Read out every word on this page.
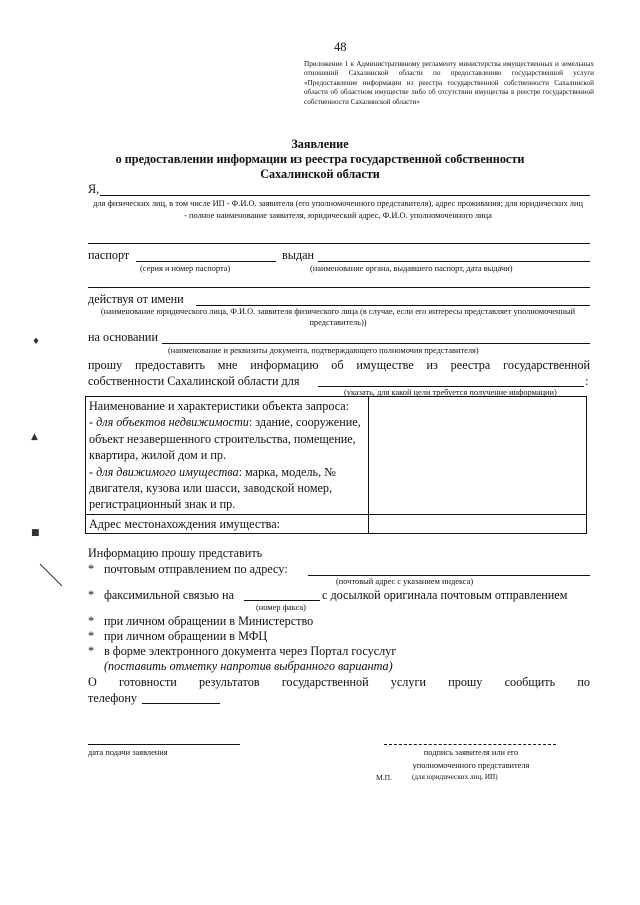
48
Приложение 1 к Административному регламенту министерства имущественных и земельных отношений Сахалинской области по предоставлению государственной услуги «Предоставление информации из реестра государственной собственности Сахалинской области об областном имуществе либо об отсутствии имущества в реестре государственной собственности Сахалинской области»
Заявление
о предоставлении информации из реестра государственной собственности
Сахалинской области
Я,
для физических лиц, в том числе ИП - Ф.И.О. заявителя (его уполномоченного представителя), адрес проживания; для юридических лиц - полное наименование заявителя, юридический адрес, Ф.И.О. уполномоченного лица
паспорт	выдан
(серия и номер паспорта)	(наименование органа, выдавшего паспорт, дата выдачи)
действуя от имени
(наименование юридического лица, Ф.И.О. заявителя физического лица (в случае, если его интересы представляет уполномоченный представитель))
на основании
(наименование и реквизиты документа, подтверждающего полномочия представителя)
прошу предоставить мне информацию об имуществе из реестра государственной
собственности Сахалинской области для	:
(указать, для какой цели требуется получение информации)
Наименование и характеристики объекта запроса:
- для объектов недвижимости: здание, сооружение, объект незавершенного строительства, помещение, квартира, жилой дом и пр.
- для движимого имущества: марка, модель, № двигателя, кузова или шасси, заводской номер, регистрационный знак и пр.	
Адрес местонахождения имущества:	
Информацию прошу представить
* почтовым отправлением по адресу:
(почтовый адрес с указанием индекса)
* факсимильной связью на	с досылкой оригинала почтовым отправлением
(номер факса)
* при личном обращении в Министерство
* при личном обращении в МФЦ
* в форме электронного документа через Портал госуслуг
(поставить отметку напротив выбранного варианта)
О готовности результатов государственной услуги прошу сообщить по
телефону
дата подачи заявления	подпись заявителя или его
уполномоченного представителя
М.П.	(для юридических лиц, ИП)
♦
▲
■
